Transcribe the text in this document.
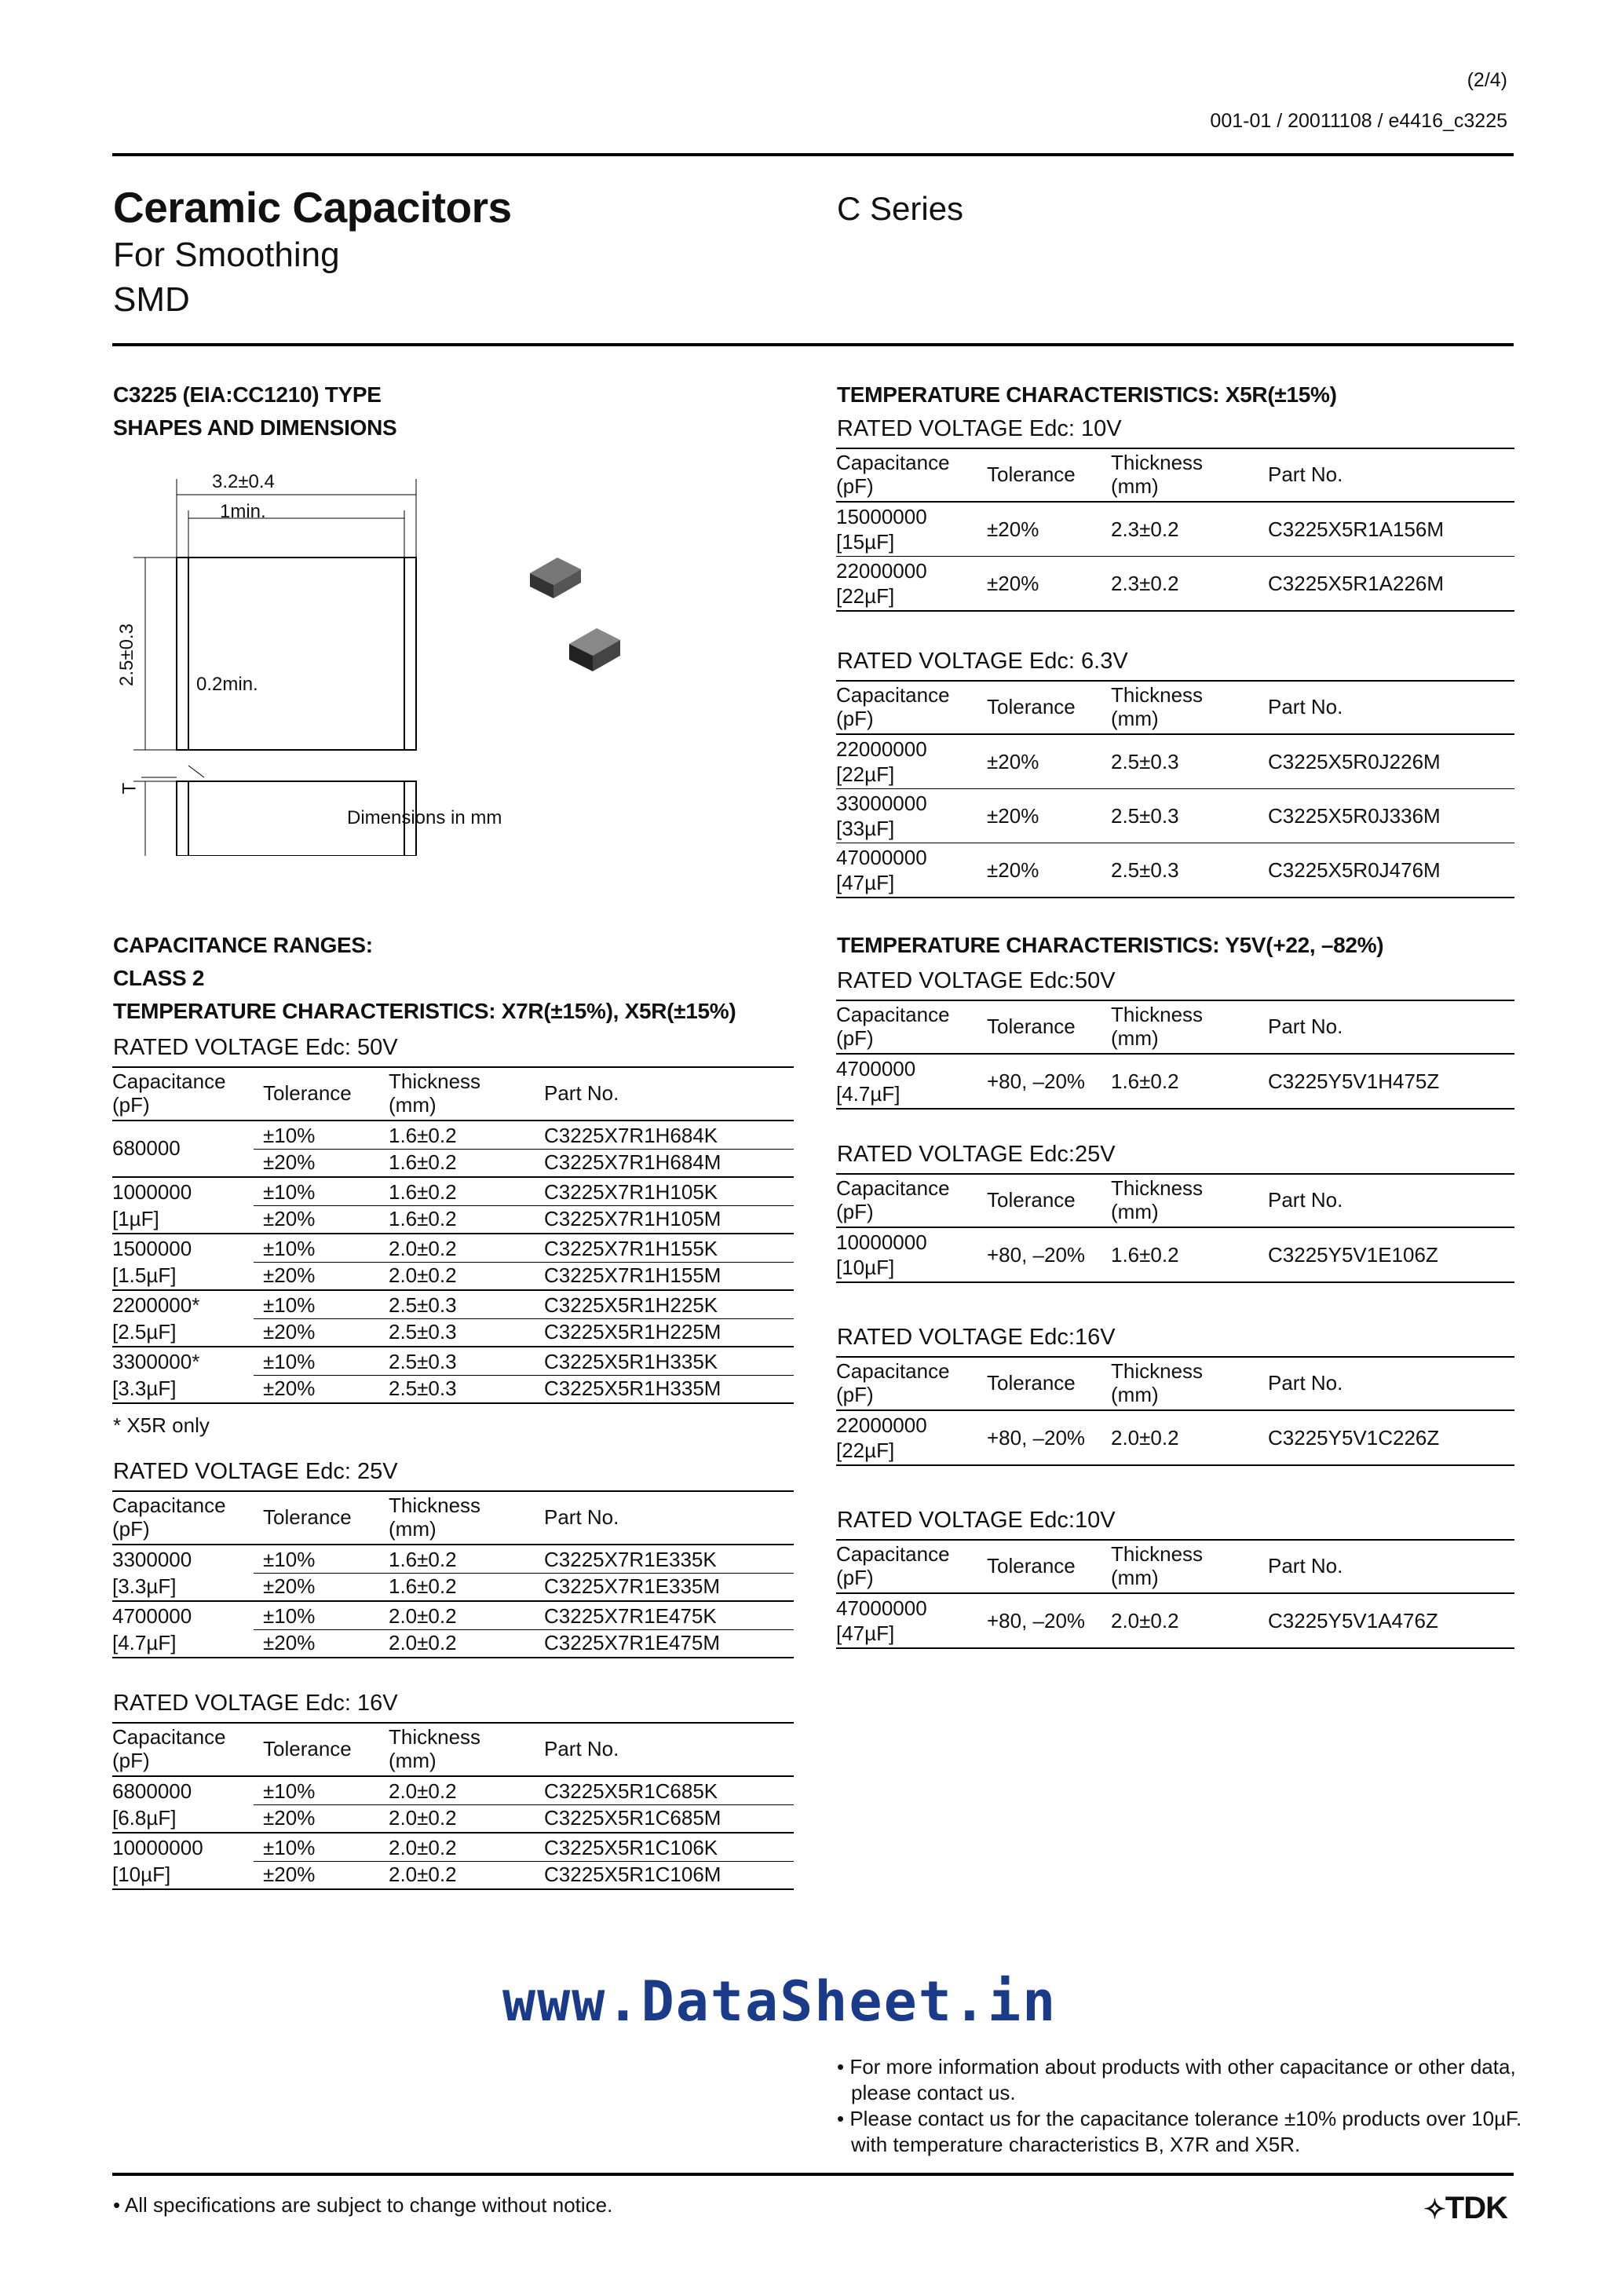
(2/4)
001-01 / 20011108 / e4416_c3225
Ceramic Capacitors
For Smoothing
SMD
C Series
C3225 (EIA:CC1210) TYPE
SHAPES AND DIMENSIONS
3.2±0.4
1min.
2.5±0.3	0.2min.
T
Dimensions in mm
CAPACITANCE RANGES:
CLASS 2
TEMPERATURE CHARACTERISTICS: X7R(±15%), X5R(±15%)
RATED VOLTAGE Edc: 50V
Capacitance
(pF)	Tolerance Thickness
(mm)	Part No.
680000
±10%	1.6±0.2	C3225X7R1H684K
±20%	1.6±0.2	C3225X7R1H684M
1000000	±10%	1.6±0.2	C3225X7R1H105K
[1µF]	±20%	1.6±0.2	C3225X7R1H105M
1500000	±10%	2.0±0.2	C3225X7R1H155K
[1.5µF]	±20%	2.0±0.2	C3225X7R1H155M
2200000*	±10%	2.5±0.3	C3225X5R1H225K
[2.5µF]	±20%	2.5±0.3	C3225X5R1H225M
3300000*	±10%	2.5±0.3	C3225X5R1H335K
[3.3µF]	±20%	2.5±0.3	C3225X5R1H335M
* X5R only
RATED VOLTAGE Edc: 25V
Capacitance
(pF)	Tolerance Thickness
(mm)	Part No.
3300000	±10%	1.6±0.2	C3225X7R1E335K
[3.3µF]	±20%	1.6±0.2	C3225X7R1E335M
4700000	±10%	2.0±0.2	C3225X7R1E475K
[4.7µF]	±20%	2.0±0.2	C3225X7R1E475M
RATED VOLTAGE Edc: 16V
Capacitance
(pF)	Tolerance Thickness
(mm)	Part No.
6800000	±10%	2.0±0.2	C3225X5R1C685K
[6.8µF]	±20%	2.0±0.2	C3225X5R1C685M
10000000	±10%	2.0±0.2	C3225X5R1C106K
[10µF]	±20%	2.0±0.2	C3225X5R1C106M
TEMPERATURE CHARACTERISTICS: X5R(±15%)
RATED VOLTAGE Edc: 10V
Capacitance
(pF)	Tolerance Thickness
(mm)	Part No.
15000000
[15µF]
±20%	2.3±0.2	C3225X5R1A156M
22000000
[22µF]
±20%	2.3±0.2	C3225X5R1A226M
RATED VOLTAGE Edc: 6.3V
Capacitance
(pF)	Tolerance Thickness
(mm)	Part No.
22000000
[22µF]
±20%	2.5±0.3	C3225X5R0J226M
33000000
[33µF]
±20%	2.5±0.3	C3225X5R0J336M
47000000
[47µF]
±20%	2.5±0.3	C3225X5R0J476M
TEMPERATURE CHARACTERISTICS: Y5V(+22, –82%)
RATED VOLTAGE Edc:50V
Capacitance
(pF)	Tolerance Thickness
(mm)	Part No.
4700000
[4.7µF]
+80, –20% 1.6±0.2	C3225Y5V1H475Z
RATED VOLTAGE Edc:25V
Capacitance
(pF)	Tolerance Thickness
(mm)	Part No.
10000000
[10µF]
+80, –20% 1.6±0.2	C3225Y5V1E106Z
RATED VOLTAGE Edc:16V
Capacitance
(pF)	Tolerance Thickness
(mm)	Part No.
22000000
[22µF]
+80, –20% 2.0±0.2	C3225Y5V1C226Z
RATED VOLTAGE Edc:10V
Capacitance
(pF)	Tolerance Thickness
(mm)	Part No.
47000000
[47µF]
+80, –20% 2.0±0.2	C3225Y5V1A476Z
www.DataSheet.in
• For more information about products with other capacitance or other data,
please contact us.
• Please contact us for the capacitance tolerance ±10% products over 10µF.
with temperature characteristics B, X7R and X5R.
• All specifications are subject to change without notice.	✧TDK
